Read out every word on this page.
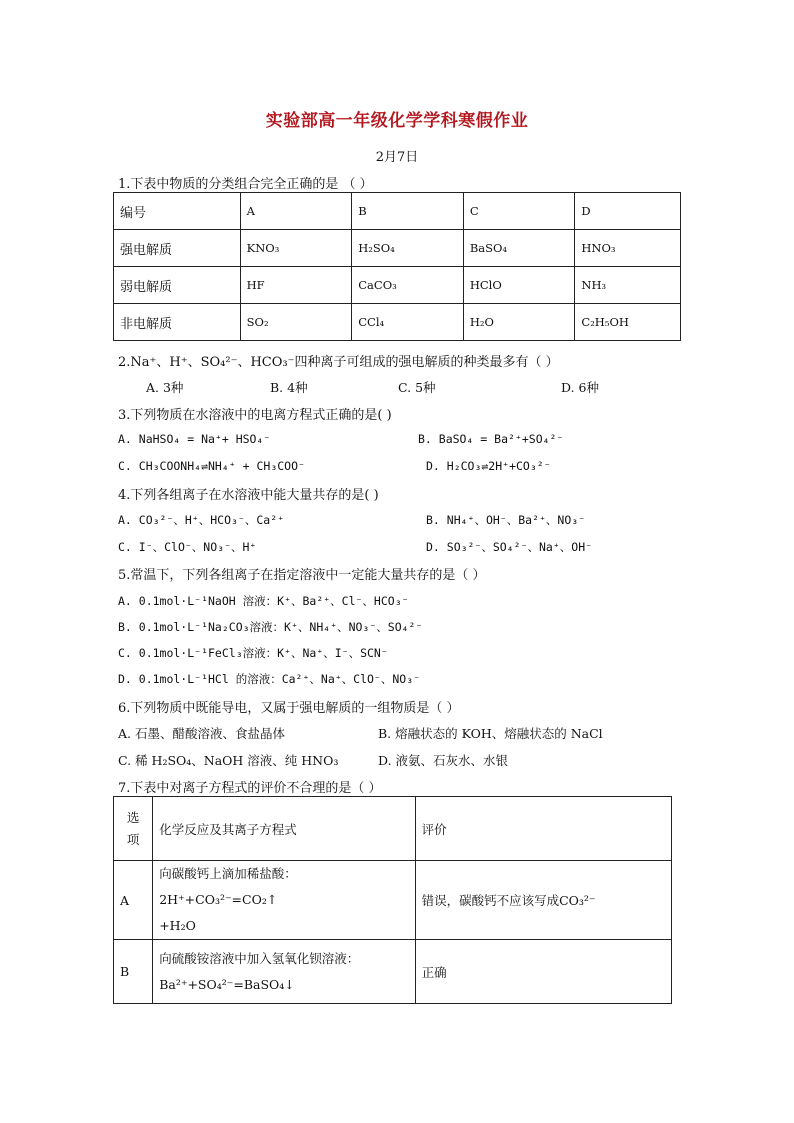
实验部高一年级化学学科寒假作业
2月7日
1.下表中物质的分类组合完全正确的是 （ ）
编号	A	B	C	D
强电解质	KNO₃	H₂SO₄	BaSO₄	HNO₃
弱电解质	HF	CaCO₃	HClO	NH₃
非电解质	SO₂	CCl₄	H₂O	C₂H₅OH
2.Na⁺、H⁺、SO₄²⁻、HCO₃⁻四种离子可组成的强电解质的种类最多有（ ）
A. 3种	B. 4种	C. 5种	D. 6种
3.下列物质在水溶液中的电离方程式正确的是( )
A. NaHSO₄ = Na⁺+ HSO₄⁻	B. BaSO₄ = Ba²⁺+SO₄²⁻
C. CH₃COONH₄⇌NH₄⁺ + CH₃COO⁻	D. H₂CO₃⇌2H⁺+CO₃²⁻
4.下列各组离子在水溶液中能大量共存的是( )
A. CO₃²⁻、H⁺、HCO₃⁻、Ca²⁺	B. NH₄⁺、OH⁻、Ba²⁺、NO₃⁻
C. I⁻、ClO⁻、NO₃⁻、H⁺	D. SO₃²⁻、SO₄²⁻、Na⁺、OH⁻
5.常温下，下列各组离子在指定溶液中一定能大量共存的是（ ）
A. 0.1mol·L⁻¹NaOH 溶液：K⁺、Ba²⁺、Cl⁻、HCO₃⁻
B. 0.1mol·L⁻¹Na₂CO₃溶液：K⁺、NH₄⁺、NO₃⁻、SO₄²⁻
C. 0.1mol·L⁻¹FeCl₃溶液：K⁺、Na⁺、I⁻、SCN⁻
D. 0.1mol·L⁻¹HCl 的溶液：Ca²⁺、Na⁺、ClO⁻、NO₃⁻
6.下列物质中既能导电，又属于强电解质的一组物质是（ ）
A. 石墨、醋酸溶液、食盐晶体	B. 熔融状态的 KOH、熔融状态的 NaCl
C. 稀 H₂SO₄、NaOH 溶液、纯 HNO₃	D. 液氨、石灰水、水银
7.下表中对离子方程式的评价不合理的是（ ）
选
项	化学反应及其离子方程式	评价
A	向碳酸钙上滴加稀盐酸：2H⁺+CO₃²⁻=CO₂↑
+H₂O	错误，碳酸钙不应该写成CO₃²⁻
B	向硫酸铵溶液中加入氢氧化钡溶液：
Ba²⁺+SO₄²⁻=BaSO₄↓	正确
